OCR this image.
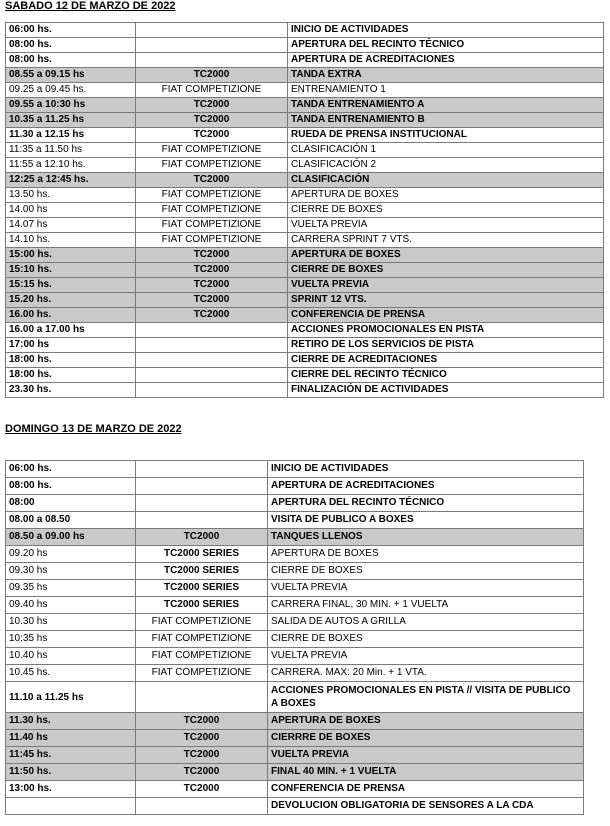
SABADO 12 DE MARZO DE 2022
06:00 hs.		INICIO DE ACTIVIDADES
08:00 hs.		APERTURA DEL RECINTO TÉCNICO
08:00 hs.		APERTURA DE ACREDITACIONES
08.55 a 09.15 hs	TC2000	TANDA EXTRA
09.25 a 09.45 hs.	FIAT COMPETIZIONE	ENTRENAMIENTO 1
09.55 a 10:30 hs	TC2000	TANDA ENTRENAMIENTO A
10.35 a 11.25 hs	TC2000	TANDA ENTRENAMIENTO B
11.30 a 12.15 hs	TC2000	RUEDA DE PRENSA INSTITUCIONAL
11:35 a 11.50 hs	FIAT COMPETIZIONE	CLASIFICACIÓN 1
11:55 a 12.10 hs.	FIAT COMPETIZIONE	CLASIFICACIÓN 2
12:25 a 12:45 hs.	TC2000	CLASIFICACIÓN
13.50 hs.	FIAT COMPETIZIONE	APERTURA DE BOXES
14.00 hs	FIAT COMPETIZIONE	CIERRE DE BOXES
14.07 hs	FIAT COMPETIZIONE	VUELTA PREVIA
14.10 hs.	FIAT COMPETIZIONE	CARRERA SPRINT 7 VTS.
15:00 hs.	TC2000	APERTURA DE BOXES
15:10 hs.	TC2000	CIERRE DE BOXES
15:15 hs.	TC2000	VUELTA PREVIA
15.20 hs.	TC2000	SPRINT 12 VTS.
16.00 hs.	TC2000	CONFERENCIA DE PRENSA
16.00 a 17.00 hs		ACCIONES PROMOCIONALES EN PISTA
17:00 hs		RETIRO DE LOS SERVICIOS DE PISTA
18:00 hs.		CIERRE DE ACREDITACIONES
18:00 hs.		CIERRE DEL RECINTO TÉCNICO
23.30 hs.		FINALIZACIÓN DE ACTIVIDADES
DOMINGO 13 DE MARZO DE 2022
06:00 hs.		INICIO DE ACTIVIDADES
08:00 hs.		APERTURA DE ACREDITACIONES
08:00		APERTURA DEL RECINTO TÉCNICO
08.00 a 08.50		VISITA DE PUBLICO A BOXES
08.50 a 09.00 hs	TC2000	TANQUES LLENOS
09.20 hs	TC2000 SERIES	APERTURA DE BOXES
09.30 hs	TC2000 SERIES	CIERRE DE BOXES
09.35 hs	TC2000 SERIES	VUELTA PREVIA
09.40 hs	TC2000 SERIES	CARRERA FINAL, 30 MIN. + 1 VUELTA
10.30 hs	FIAT COMPETIZIONE	SALIDA DE AUTOS A GRILLA
10:35 hs	FIAT COMPETIZIONE	CIERRE DE BOXES
10.40 hs	FIAT COMPETIZIONE	VUELTA PREVIA
10.45 hs.	FIAT COMPETIZIONE	CARRERA. MAX: 20 Min. + 1 VTA.
11.10 a 11.25 hs		ACCIONES PROMOCIONALES EN PISTA // VISITA DE PUBLICO A BOXES
11.30 hs.	TC2000	APERTURA DE BOXES
11.40 hs	TC2000	CIERRRE DE BOXES
11:45 hs.	TC2000	VUELTA PREVIA
11:50 hs.	TC2000	FINAL 40 MIN. + 1 VUELTA
13:00 hs.	TC2000	CONFERENCIA DE PRENSA
		DEVOLUCION OBLIGATORIA DE SENSORES A LA CDA
